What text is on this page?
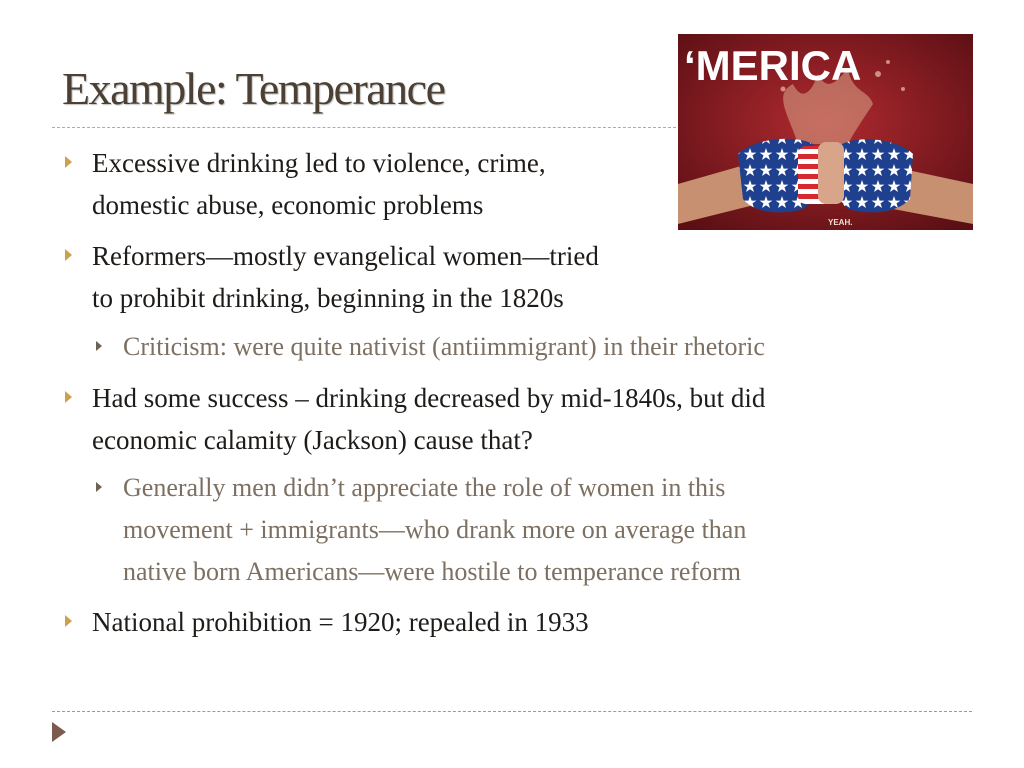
Example: Temperance
YEAH.
‘MERICA
Excessive drinking led to violence, crime,
domestic abuse, economic problems
Reformers—mostly evangelical women—tried
to prohibit drinking, beginning in the 1820s
Criticism: were quite nativist (antiimmigrant) in their rhetoric
Had some success – drinking decreased by mid-1840s, but did
economic calamity (Jackson) cause that?
Generally men didn’t appreciate the role of women in this
movement + immigrants—who drank more on average than
native born Americans—were hostile to temperance reform
National prohibition = 1920; repealed in 1933
